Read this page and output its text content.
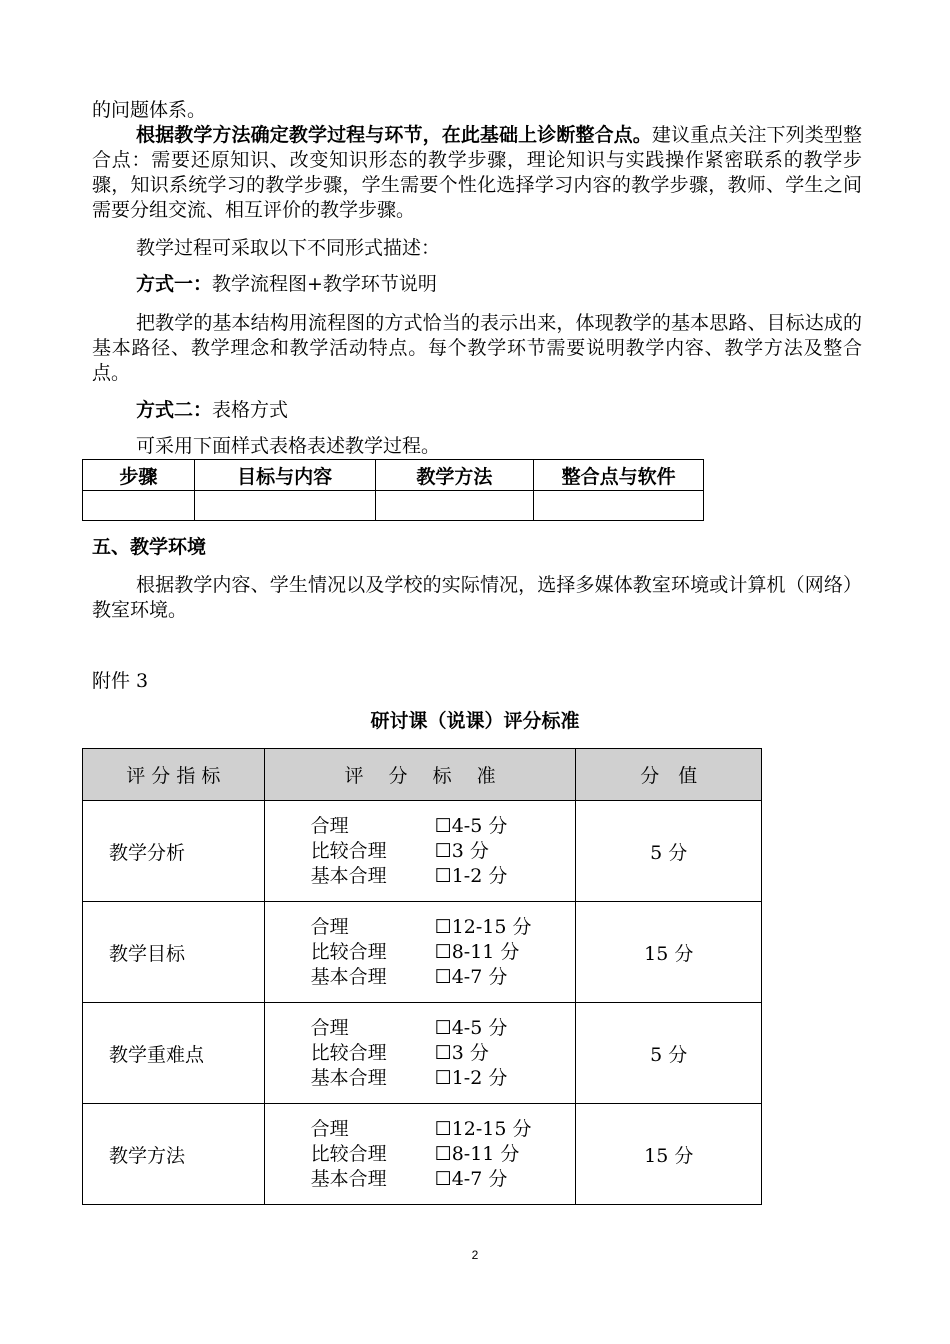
的问题体系。

根据教学方法确定教学过程与环节，在此基础上诊断整合点。建议重点关注下列类型整合点：需要还原知识、改变知识形态的教学步骤，理论知识与实践操作紧密联系的教学步骤，知识系统学习的教学步骤，学生需要个性化选择学习内容的教学步骤，教师、学生之间需要分组交流、相互评价的教学步骤。

教学过程可采取以下不同形式描述：

方式一：教学流程图+教学环节说明

把教学的基本结构用流程图的方式恰当的表示出来，体现教学的基本思路、目标达成的基本路径、教学理念和教学活动特点。每个教学环节需要说明教学内容、教学方法及整合点。

方式二：表格方式

可采用下面样式表格表述教学过程。

步骤	目标与内容	教学方法	整合点与软件

五、教学环境

根据教学内容、学生情况以及学校的实际情况，选择多媒体教室环境或计算机（网络）教室环境。

附件 3

研讨课（说课）评分标准

评 分 指 标	评　 分　 标　 准	分　值
教学分析	合理 ☐4-5 分
比较合理 ☐3 分
基本合理 ☐1-2 分	5 分
教学目标	合理 ☐12-15 分
比较合理 ☐8-11 分
基本合理 ☐4-7 分	15 分
教学重难点	合理 ☐4-5 分
比较合理 ☐3 分
基本合理 ☐1-2 分	5 分
教学方法	合理 ☐12-15 分
比较合理 ☐8-11 分
基本合理 ☐4-7 分	15 分
2
